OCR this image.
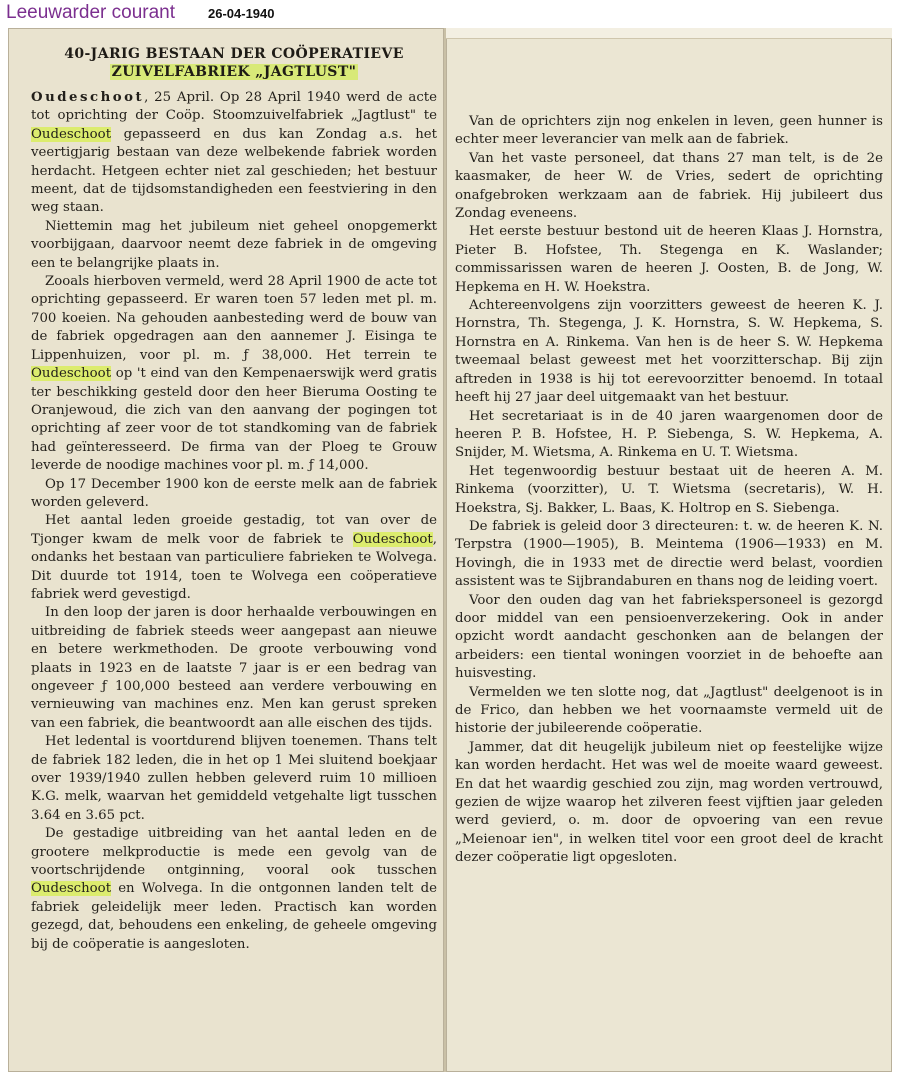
Leeuwarder courant	26-04-1940
40-JARIG BESTAAN DER COÖPERATIEVE
ZUIVELFABRIEK „JAGTLUST"

Oudeschoot, 25 April. Op 28 April 1940 werd de acte tot oprichting der Coöp. Stoomzuivelfabriek „Jagtlust" te Oudeschoot gepasseerd en dus kan Zondag a.s. het veertigjarig bestaan van deze welbekende fabriek worden herdacht. Hetgeen echter niet zal geschieden; het bestuur meent, dat de tijdsomstandigheden een feestviering in den weg staan.

Niettemin mag het jubileum niet geheel onopgemerkt voorbijgaan, daarvoor neemt deze fabriek in de omgeving een te belangrijke plaats in.

Zooals hierboven vermeld, werd 28 April 1900 de acte tot oprichting gepasseerd. Er waren toen 57 leden met pl. m. 700 koeien. Na gehouden aanbesteding werd de bouw van de fabriek opgedragen aan den aannemer J. Eisinga te Lippenhuizen, voor pl. m. ƒ 38,000. Het terrein te Oudeschoot op 't eind van den Kempenaerswijk werd gratis ter beschikking gesteld door den heer Bieruma Oosting te Oranjewoud, die zich van den aanvang der pogingen tot oprichting af zeer voor de tot standkoming van de fabriek had geïnteresseerd. De firma van der Ploeg te Grouw leverde de noodige machines voor pl. m. ƒ 14,000.

Op 17 December 1900 kon de eerste melk aan de fabriek worden geleverd.

Het aantal leden groeide gestadig, tot van over de Tjonger kwam de melk voor de fabriek te Oudeschoot, ondanks het bestaan van particuliere fabrieken te Wolvega. Dit duurde tot 1914, toen te Wolvega een coöperatieve fabriek werd gevestigd.

In den loop der jaren is door herhaalde verbouwingen en uitbreiding de fabriek steeds weer aangepast aan nieuwe en betere werkmethoden. De groote verbouwing vond plaats in 1923 en de laatste 7 jaar is er een bedrag van ongeveer ƒ 100,000 besteed aan verdere verbouwing en vernieuwing van machines enz. Men kan gerust spreken van een fabriek, die beantwoordt aan alle eischen des tijds.

Het ledental is voortdurend blijven toenemen. Thans telt de fabriek 182 leden, die in het op 1 Mei sluitend boekjaar over 1939/1940 zullen hebben geleverd ruim 10 millioen K.G. melk, waarvan het gemiddeld vetgehalte ligt tusschen 3.64 en 3.65 pct.

De gestadige uitbreiding van het aantal leden en de grootere melkproductie is mede een gevolg van de voortschrijdende ontginning, vooral ook tusschen Oudeschoot en Wolvega. In die ontgonnen landen telt de fabriek geleidelijk meer leden. Practisch kan worden gezegd, dat, behoudens een enkeling, de geheele omgeving bij de coöperatie is aangesloten.

Van de oprichters zijn nog enkelen in leven, geen hunner is echter meer leverancier van melk aan de fabriek.

Van het vaste personeel, dat thans 27 man telt, is de 2e kaasmaker, de heer W. de Vries, sedert de oprichting onafgebroken werkzaam aan de fabriek. Hij jubileert dus Zondag eveneens.

Het eerste bestuur bestond uit de heeren Klaas J. Hornstra, Pieter B. Hofstee, Th. Stegenga en K. Waslander; commissarissen waren de heeren J. Oosten, B. de Jong, W. Hepkema en H. W. Hoekstra.

Achtereenvolgens zijn voorzitters geweest de heeren K. J. Hornstra, Th. Stegenga, J. K. Hornstra, S. W. Hepkema, S. Hornstra en A. Rinkema. Van hen is de heer S. W. Hepkema tweemaal belast geweest met het voorzitterschap. Bij zijn aftreden in 1938 is hij tot eerevoorzitter benoemd. In totaal heeft hij 27 jaar deel uitgemaakt van het bestuur.

Het secretariaat is in de 40 jaren waargenomen door de heeren P. B. Hofstee, H. P. Siebenga, S. W. Hepkema, A. Snijder, M. Wietsma, A. Rinkema en U. T. Wietsma.

Het tegenwoordig bestuur bestaat uit de heeren A. M. Rinkema (voorzitter), U. T. Wietsma (secretaris), W. H. Hoekstra, Sj. Bakker, L. Baas, K. Holtrop en S. Siebenga.

De fabriek is geleid door 3 directeuren: t. w. de heeren K. N. Terpstra (1900—1905), B. Meintema (1906—1933) en M. Hovingh, die in 1933 met de directie werd belast, voordien assistent was te Sijbrandaburen en thans nog de leiding voert.

Voor den ouden dag van het fabriekspersoneel is gezorgd door middel van een pensioenverzekering. Ook in ander opzicht wordt aandacht geschonken aan de belangen der arbeiders: een tiental woningen voorziet in de behoefte aan huisvesting.

Vermelden we ten slotte nog, dat „Jagtlust" deelgenoot is in de Frico, dan hebben we het voornaamste vermeld uit de historie der jubileerende coöperatie.

Jammer, dat dit heugelijk jubileum niet op feestelijke wijze kan worden herdacht. Het was wel de moeite waard geweest. En dat het waardig geschied zou zijn, mag worden vertrouwd, gezien de wijze waarop het zilveren feest vijftien jaar geleden werd gevierd, o. m. door de opvoering van een revue „Meienoar ien", in welken titel voor een groot deel de kracht dezer coöperatie ligt opgesloten.
